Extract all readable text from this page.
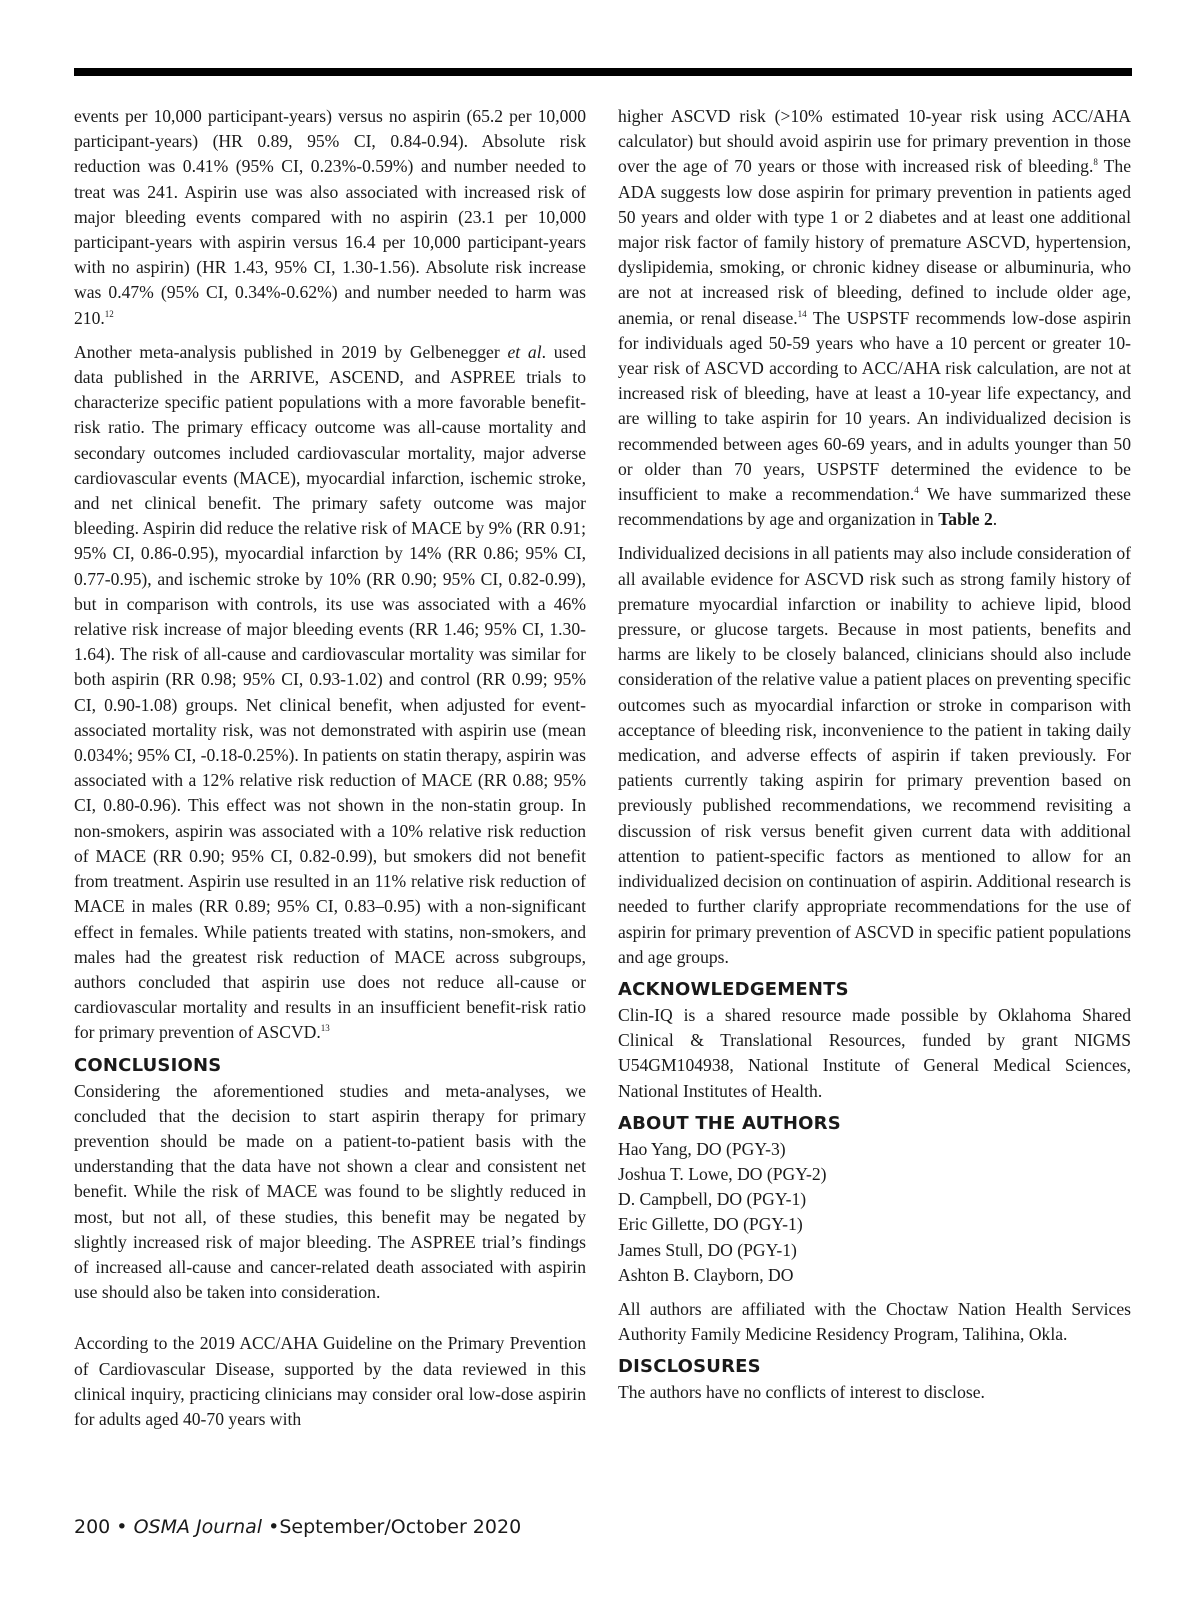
events per 10,000 participant-years) versus no aspirin (65.2 per 10,000 participant-years) (HR 0.89, 95% CI, 0.84-0.94). Absolute risk reduction was 0.41% (95% CI, 0.23%-0.59%) and number needed to treat was 241. Aspirin use was also associated with increased risk of major bleeding events compared with no aspirin (23.1 per 10,000 participant-years with aspirin versus 16.4 per 10,000 participant-years with no aspirin) (HR 1.43, 95% CI, 1.30-1.56). Absolute risk increase was 0.47% (95% CI, 0.34%-0.62%) and number needed to harm was 210.12

Another meta-analysis published in 2019 by Gelbenegger et al. used data published in the ARRIVE, ASCEND, and ASPREE trials to characterize specific patient populations with a more favorable benefit-risk ratio. The primary efficacy outcome was all-cause mortality and secondary outcomes included cardiovascular mortality, major adverse cardiovascular events (MACE), myocardial infarction, ischemic stroke, and net clinical benefit. The primary safety outcome was major bleeding. Aspirin did reduce the relative risk of MACE by 9% (RR 0.91; 95% CI, 0.86-0.95), myocardial infarction by 14% (RR 0.86; 95% CI, 0.77-0.95), and ischemic stroke by 10% (RR 0.90; 95% CI, 0.82-0.99), but in comparison with controls, its use was associated with a 46% relative risk increase of major bleeding events (RR 1.46; 95% CI, 1.30-1.64). The risk of all-cause and cardiovascular mortality was similar for both aspirin (RR 0.98; 95% CI, 0.93-1.02) and control (RR 0.99; 95% CI, 0.90-1.08) groups. Net clinical benefit, when adjusted for event-associated mortality risk, was not demonstrated with aspirin use (mean 0.034%; 95% CI, -0.18-0.25%). In patients on statin therapy, aspirin was associated with a 12% relative risk reduction of MACE (RR 0.88; 95% CI, 0.80-0.96). This effect was not shown in the non-statin group. In non-smokers, aspirin was associated with a 10% relative risk reduction of MACE (RR 0.90; 95% CI, 0.82-0.99), but smokers did not benefit from treatment. Aspirin use resulted in an 11% relative risk reduction of MACE in males (RR 0.89; 95% CI, 0.83–0.95) with a non-significant effect in females. While patients treated with statins, non-smokers, and males had the greatest risk reduction of MACE across subgroups, authors concluded that aspirin use does not reduce all-cause or cardiovascular mortality and results in an insufficient benefit-risk ratio for primary prevention of ASCVD.$^{13}$

CONCLUSIONS

Considering the aforementioned studies and meta-analyses, we concluded that the decision to start aspirin therapy for primary prevention should be made on a patient-to-patient basis with the understanding that the data have not shown a clear and consistent net benefit. While the risk of MACE was found to be slightly reduced in most, but not all, of these studies, this benefit may be negated by slightly increased risk of major bleeding. The ASPREE trial’s findings of increased all-cause and cancer-related death associated with aspirin use should also be taken into consideration.

According to the 2019 ACC/AHA Guideline on the Primary Prevention of Cardiovascular Disease, supported by the data reviewed in this clinical inquiry, practicing clinicians may consider oral low-dose aspirin for adults aged 40-70 years with

higher ASCVD risk (>10% estimated 10-year risk using ACC/AHA calculator) but should avoid aspirin use for primary prevention in those over the age of 70 years or those with increased risk of bleeding.$^8$ The ADA suggests low dose aspirin for primary prevention in patients aged 50 years and older with type 1 or 2 diabetes and at least one additional major risk factor of family history of premature ASCVD, hypertension, dyslipidemia, smoking, or chronic kidney disease or albuminuria, who are not at increased risk of bleeding, defined to include older age, anemia, or renal disease.$^{14}$ The USPSTF recommends low-dose aspirin for individuals aged 50-59 years who have a 10 percent or greater 10-year risk of ASCVD according to ACC/AHA risk calculation, are not at increased risk of bleeding, have at least a 10-year life expectancy, and are willing to take aspirin for 10 years. An individualized decision is recommended between ages 60-69 years, and in adults younger than 50 or older than 70 years, USPSTF determined the evidence to be insufficient to make a recommendation.$^4$ We have summarized these recommendations by age and organization in Table 2.

Individualized decisions in all patients may also include consideration of all available evidence for ASCVD risk such as strong family history of premature myocardial infarction or inability to achieve lipid, blood pressure, or glucose targets. Because in most patients, benefits and harms are likely to be closely balanced, clinicians should also include consideration of the relative value a patient places on preventing specific outcomes such as myocardial infarction or stroke in comparison with acceptance of bleeding risk, inconvenience to the patient in taking daily medication, and adverse effects of aspirin if taken previously. For patients currently taking aspirin for primary prevention based on previously published recommendations, we recommend revisiting a discussion of risk versus benefit given current data with additional attention to patient-specific factors as mentioned to allow for an individualized decision on continuation of aspirin. Additional research is needed to further clarify appropriate recommendations for the use of aspirin for primary prevention of ASCVD in specific patient populations and age groups.

ACKNOWLEDGEMENTS

Clin-IQ is a shared resource made possible by Oklahoma Shared Clinical & Translational Resources, funded by grant NIGMS U54GM104938, National Institute of General Medical Sciences, National Institutes of Health.

ABOUT THE AUTHORS
Hao Yang, DO (PGY-3)
Joshua T. Lowe, DO (PGY-2)
D. Campbell, DO (PGY-1)
Eric Gillette, DO (PGY-1)
James Stull, DO (PGY-1)
Ashton B. Clayborn, DO

All authors are affiliated with the Choctaw Nation Health Services Authority Family Medicine Residency Program, Talihina, Okla.

DISCLOSURES

The authors have no conflicts of interest to disclose.

200 • OSMA Journal •September/October 2020
